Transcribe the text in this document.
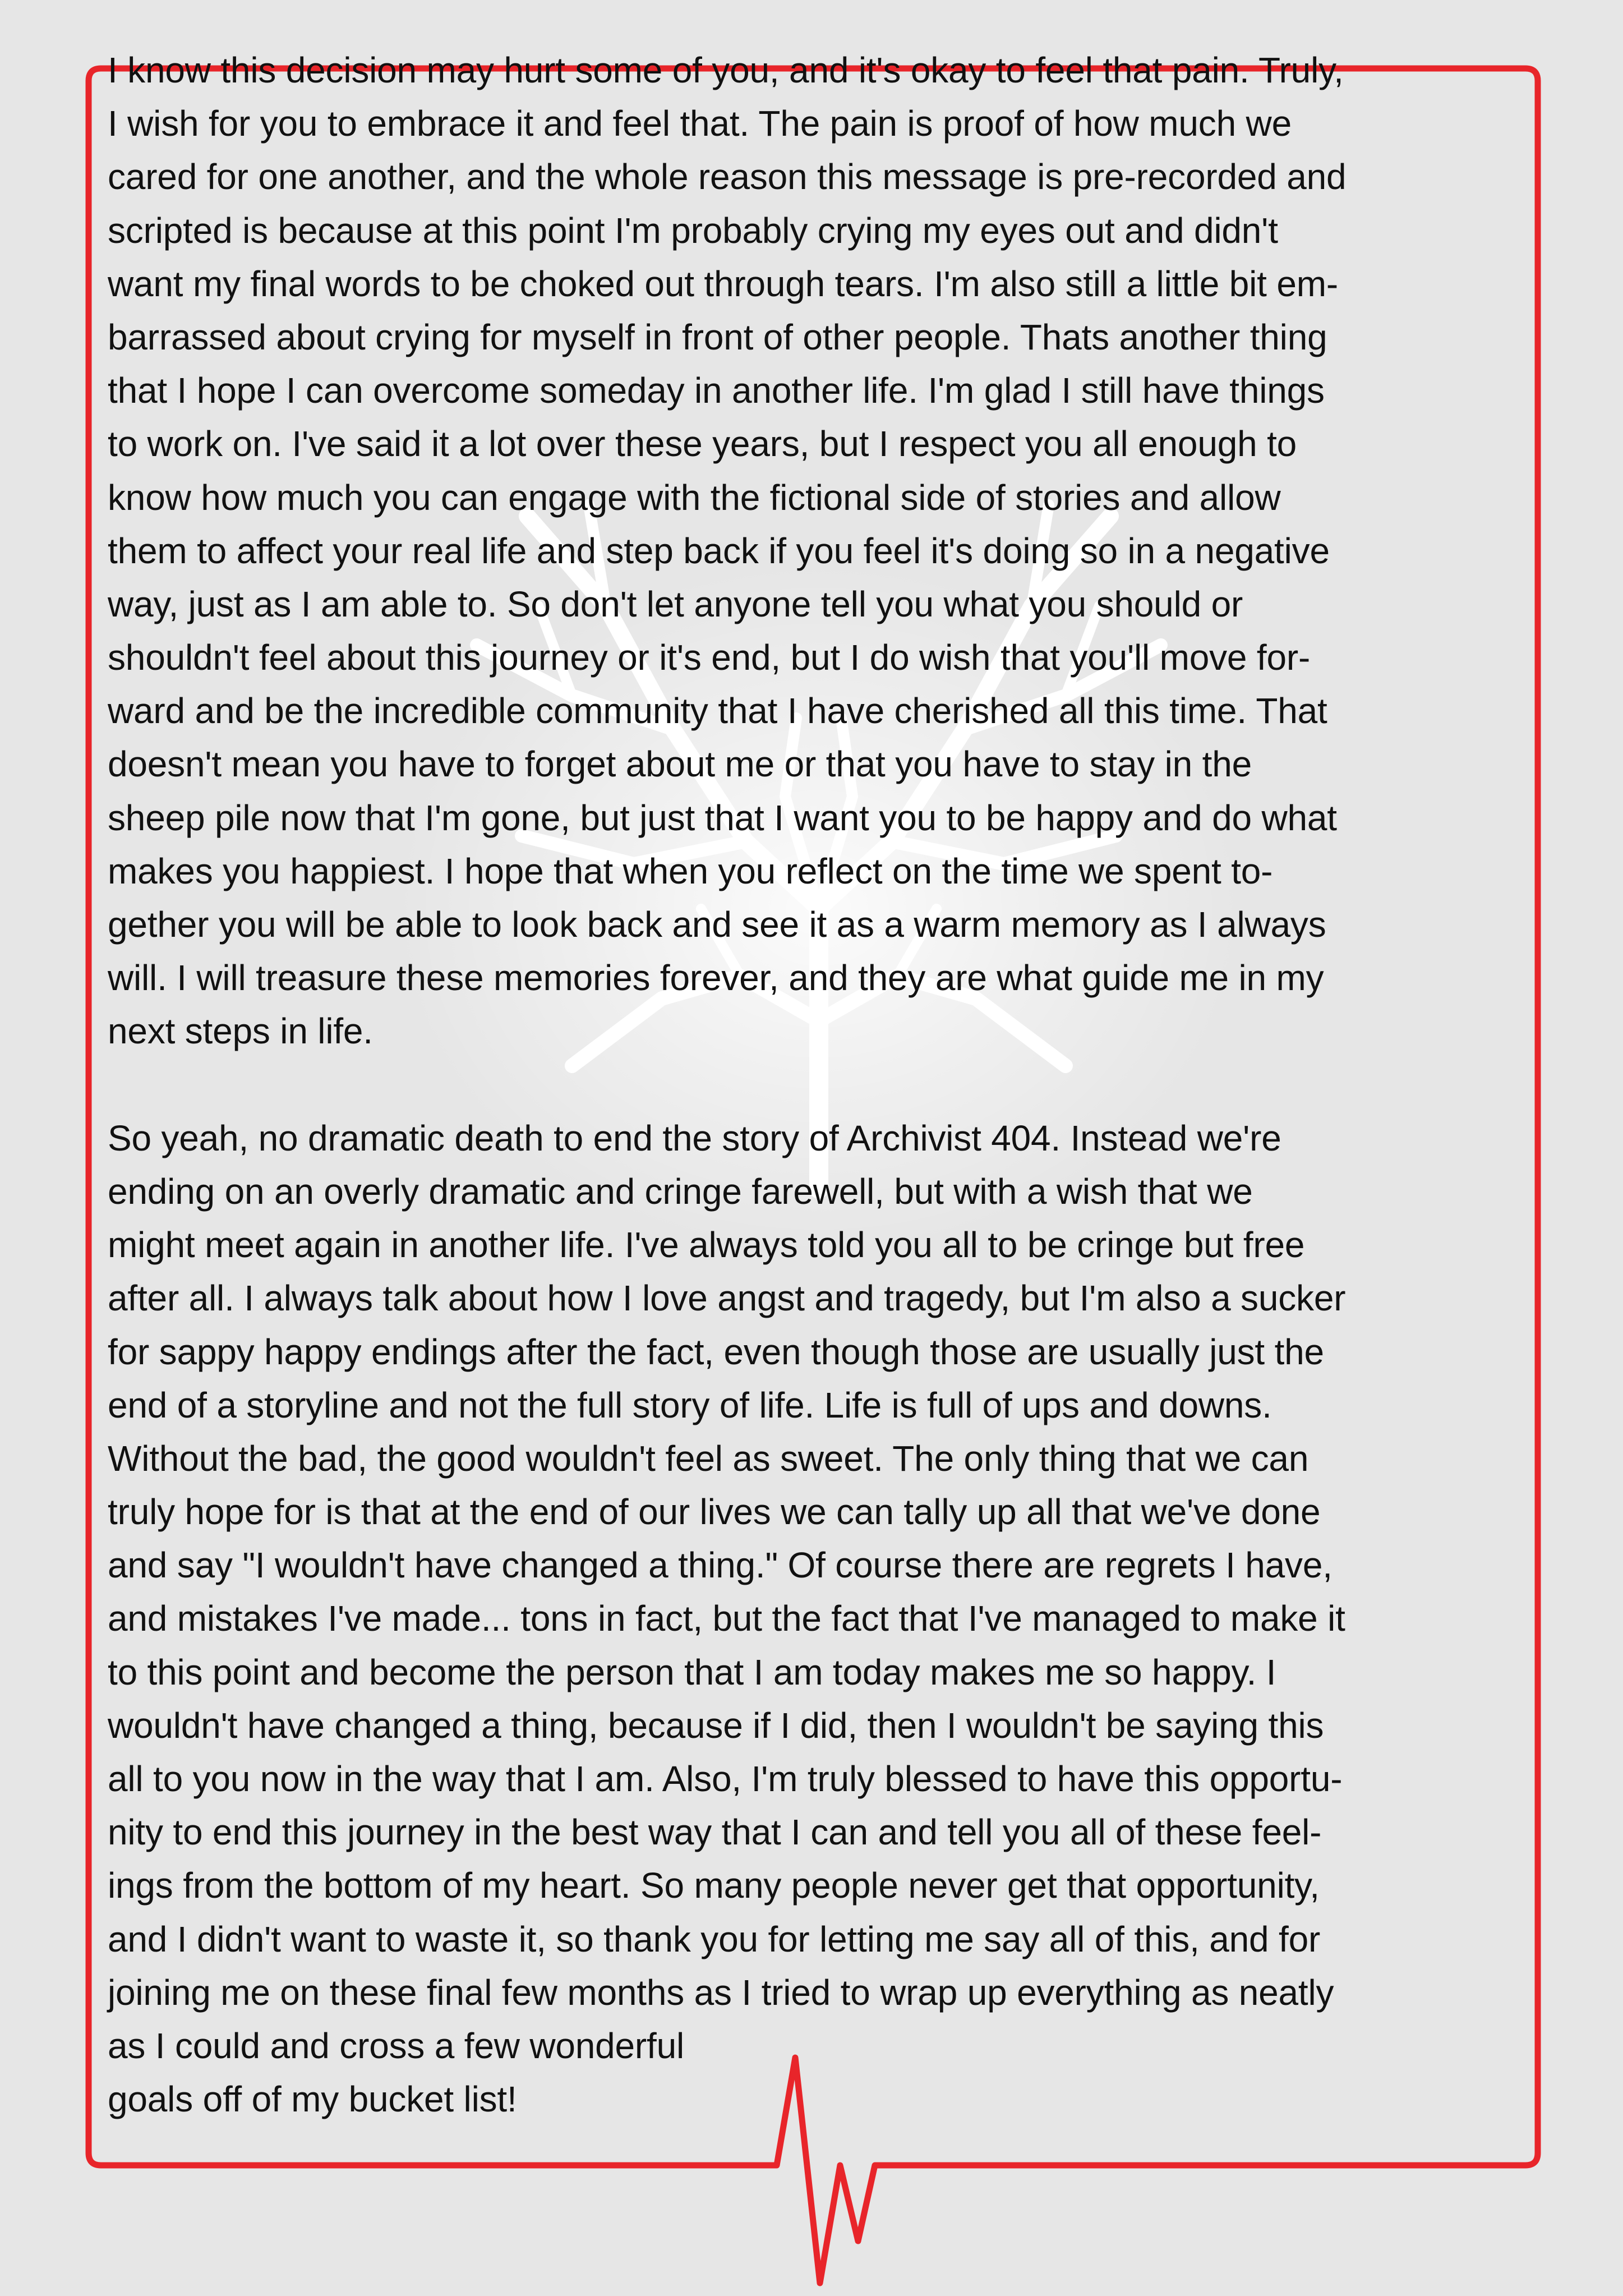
I know this decision may hurt some of you, and it's okay to feel that pain. Truly,
I wish for you to embrace it and feel that. The pain is proof of how much we
cared for one another, and the whole reason this message is pre-recorded and
scripted is because at this point I'm probably crying my eyes out and didn't
want my final words to be choked out through tears. I'm also still a little bit em-
barrassed about crying for myself in front of other people. Thats another thing
that I hope I can overcome someday in another life. I'm glad I still have things
to work on. I've said it a lot over these years, but I respect you all enough to
know how much you can engage with the fictional side of stories and allow
them to affect your real life and step back if you feel it's doing so in a negative
way, just as I am able to. So don't let anyone tell you what you should or
shouldn't feel about this journey or it's end, but I do wish that you'll move for-
ward and be the incredible community that I have cherished all this time. That
doesn't mean you have to forget about me or that you have to stay in the
sheep pile now that I'm gone, but just that I want you to be happy and do what
makes you happiest. I hope that when you reflect on the time we spent to-
gether you will be able to look back and see it as a warm memory as I always
will. I will treasure these memories forever, and they are what guide me in my
next steps in life.
So yeah, no dramatic death to end the story of Archivist 404. Instead we're
ending on an overly dramatic and cringe farewell, but with a wish that we
might meet again in another life. I've always told you all to be cringe but free
after all. I always talk about how I love angst and tragedy, but I'm also a sucker
for sappy happy endings after the fact, even though those are usually just the
end of a storyline and not the full story of life. Life is full of ups and downs.
Without the bad, the good wouldn't feel as sweet. The only thing that we can
truly hope for is that at the end of our lives we can tally up all that we've done
and say "I wouldn't have changed a thing." Of course there are regrets I have,
and mistakes I've made... tons in fact, but the fact that I've managed to make it
to this point and become the person that I am today makes me so happy. I
wouldn't have changed a thing, because if I did, then I wouldn't be saying this
all to you now in the way that I am. Also, I'm truly blessed to have this opportu-
nity to end this journey in the best way that I can and tell you all of these feel-
ings from the bottom of my heart. So many people never get that opportunity,
and I didn't want to waste it, so thank you for letting me say all of this, and for
joining me on these final few months as I tried to wrap up everything as neatly
as I could and cross a few wonderful
goals off of my bucket list!
